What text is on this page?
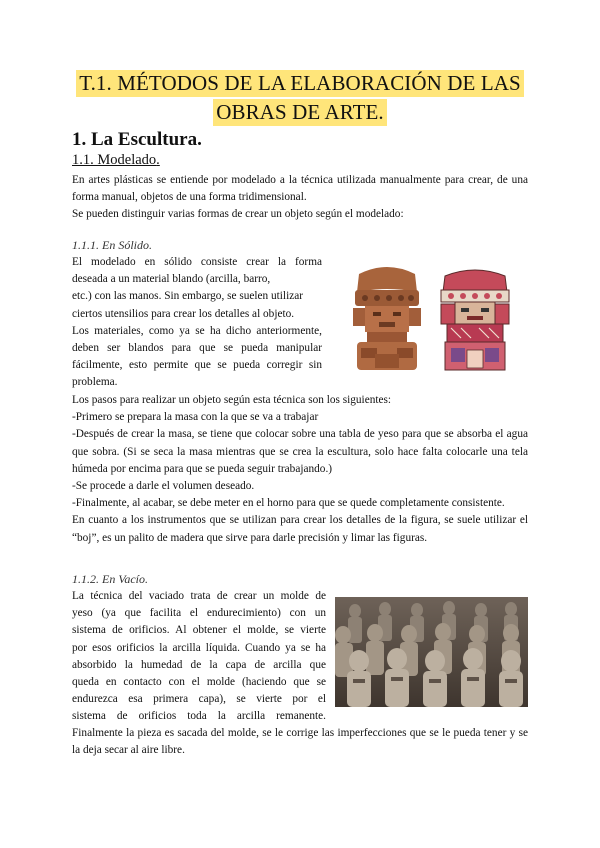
T.1. MÉTODOS DE LA ELABORACIÓN DE LAS
OBRAS DE ARTE.
1. La Escultura.
1.1. Modelado.
En artes plásticas se entiende por modelado a la técnica utilizada manualmente para crear, de una forma manual, objetos de una forma tridimensional.
Se pueden distinguir varias formas de crear un objeto según el modelado:
1.1.1. En Sólido.
El modelado en sólido consiste crear la forma
deseada a un material blando (arcilla, barro,
etc.) con las manos. Sin embargo, se suelen utilizar
ciertos utensilios para crear los detalles al objeto.
Los materiales, como ya se ha dicho anteriormente,
deben ser blandos para que se pueda manipular
fácilmente, esto permite que se pueda corregir sin
problema.
Los pasos para realizar un objeto según esta técnica son los siguientes:
-Primero se prepara la masa con la que se va a trabajar
-Después de crear la masa, se tiene que colocar sobre una tabla de yeso para que se absorba el agua que sobra. (Si se seca la masa mientras que se crea la escultura, solo hace falta colocarle una tela húmeda por encima para que se pueda seguir trabajando.)
-Se procede a darle el volumen deseado.
-Finalmente, al acabar, se debe meter en el horno para que se quede completamente consistente.
En cuanto a los instrumentos que se utilizan para crear los detalles de la figura, se suele utilizar el “boj”, es un palito de madera que sirve para darle precisión y limar las figuras.
1.1.2. En Vacío.
La técnica del vaciado trata de crear un molde de
yeso (ya que facilita el endurecimiento) con un
sistema de orificios. Al obtener el molde, se vierte
por esos orificios la arcilla líquida. Cuando ya se ha
absorbido la humedad de la capa de arcilla que
queda en contacto con el molde (haciendo que se
endurezca esa primera capa), se vierte por el
sistema de orificios toda la arcilla remanente.
Finalmente la pieza es sacada del molde, se le corrige las imperfecciones que se le pueda tener y se la deja secar al aire libre.
